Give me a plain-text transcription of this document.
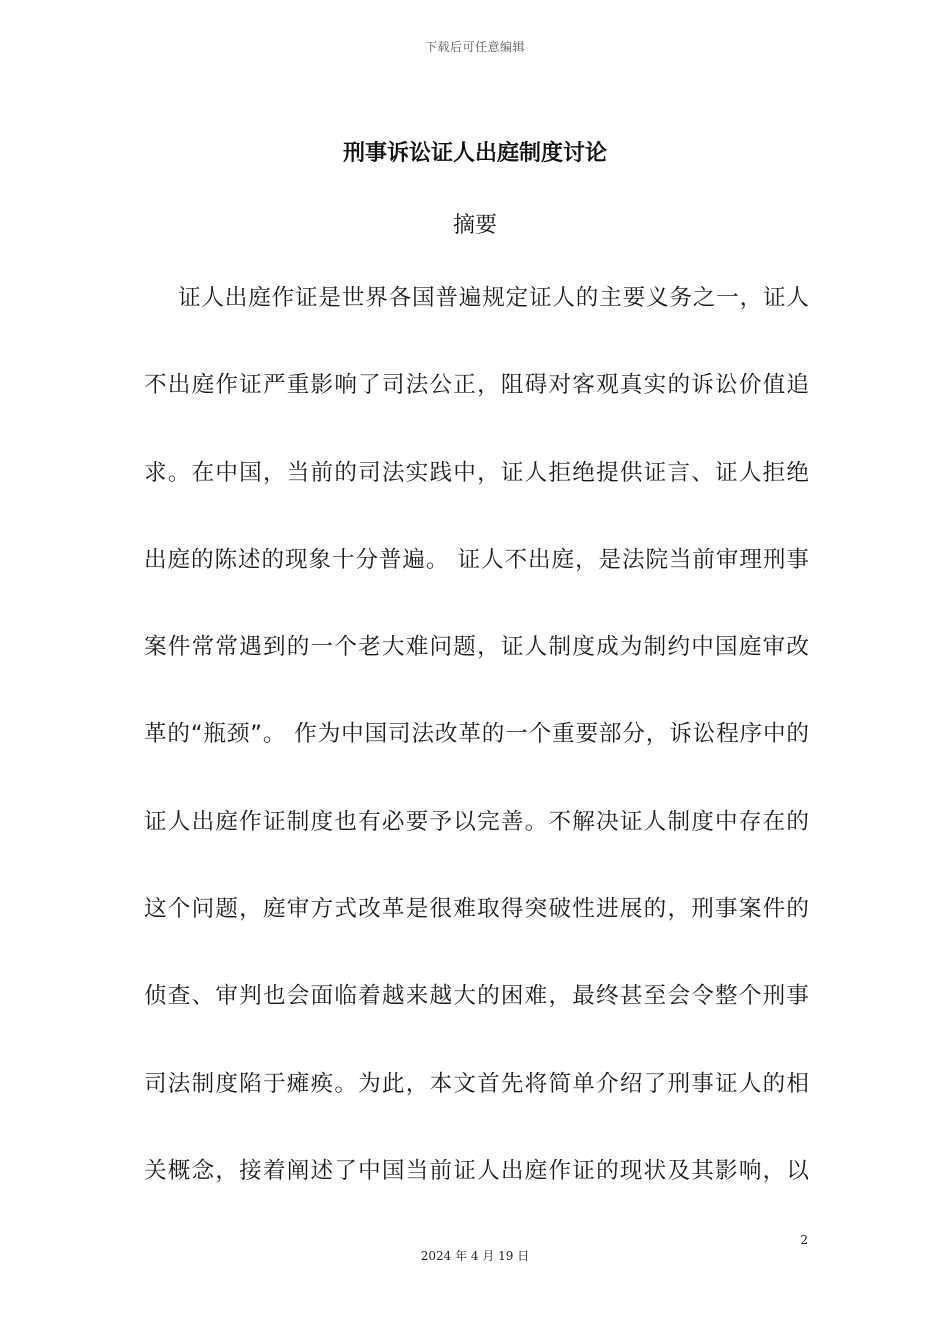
下载后可任意编辑
刑事诉讼证人出庭制度讨论
摘要
证人出庭作证是世界各国普遍规定证人的主要义务之一，证人
不出庭作证严重影响了司法公正，阻碍对客观真实的诉讼价值追
求。在中国，当前的司法实践中，证人拒绝提供证言、证人拒绝
出庭的陈述的现象十分普遍。 证人不出庭，是法院当前审理刑事
案件常常遇到的一个老大难问题，证人制度成为制约中国庭审改
革的“瓶颈”。 作为中国司法改革的一个重要部分，诉讼程序中的
证人出庭作证制度也有必要予以完善。不解决证人制度中存在的
这个问题，庭审方式改革是很难取得突破性进展的，刑事案件的
侦查、审判也会面临着越来越大的困难，最终甚至会令整个刑事
司法制度陷于瘫痪。为此，本文首先将简单介绍了刑事证人的相
关概念，接着阐述了中国当前证人出庭作证的现状及其影响，以
2
2024 年 4 月 19 日
